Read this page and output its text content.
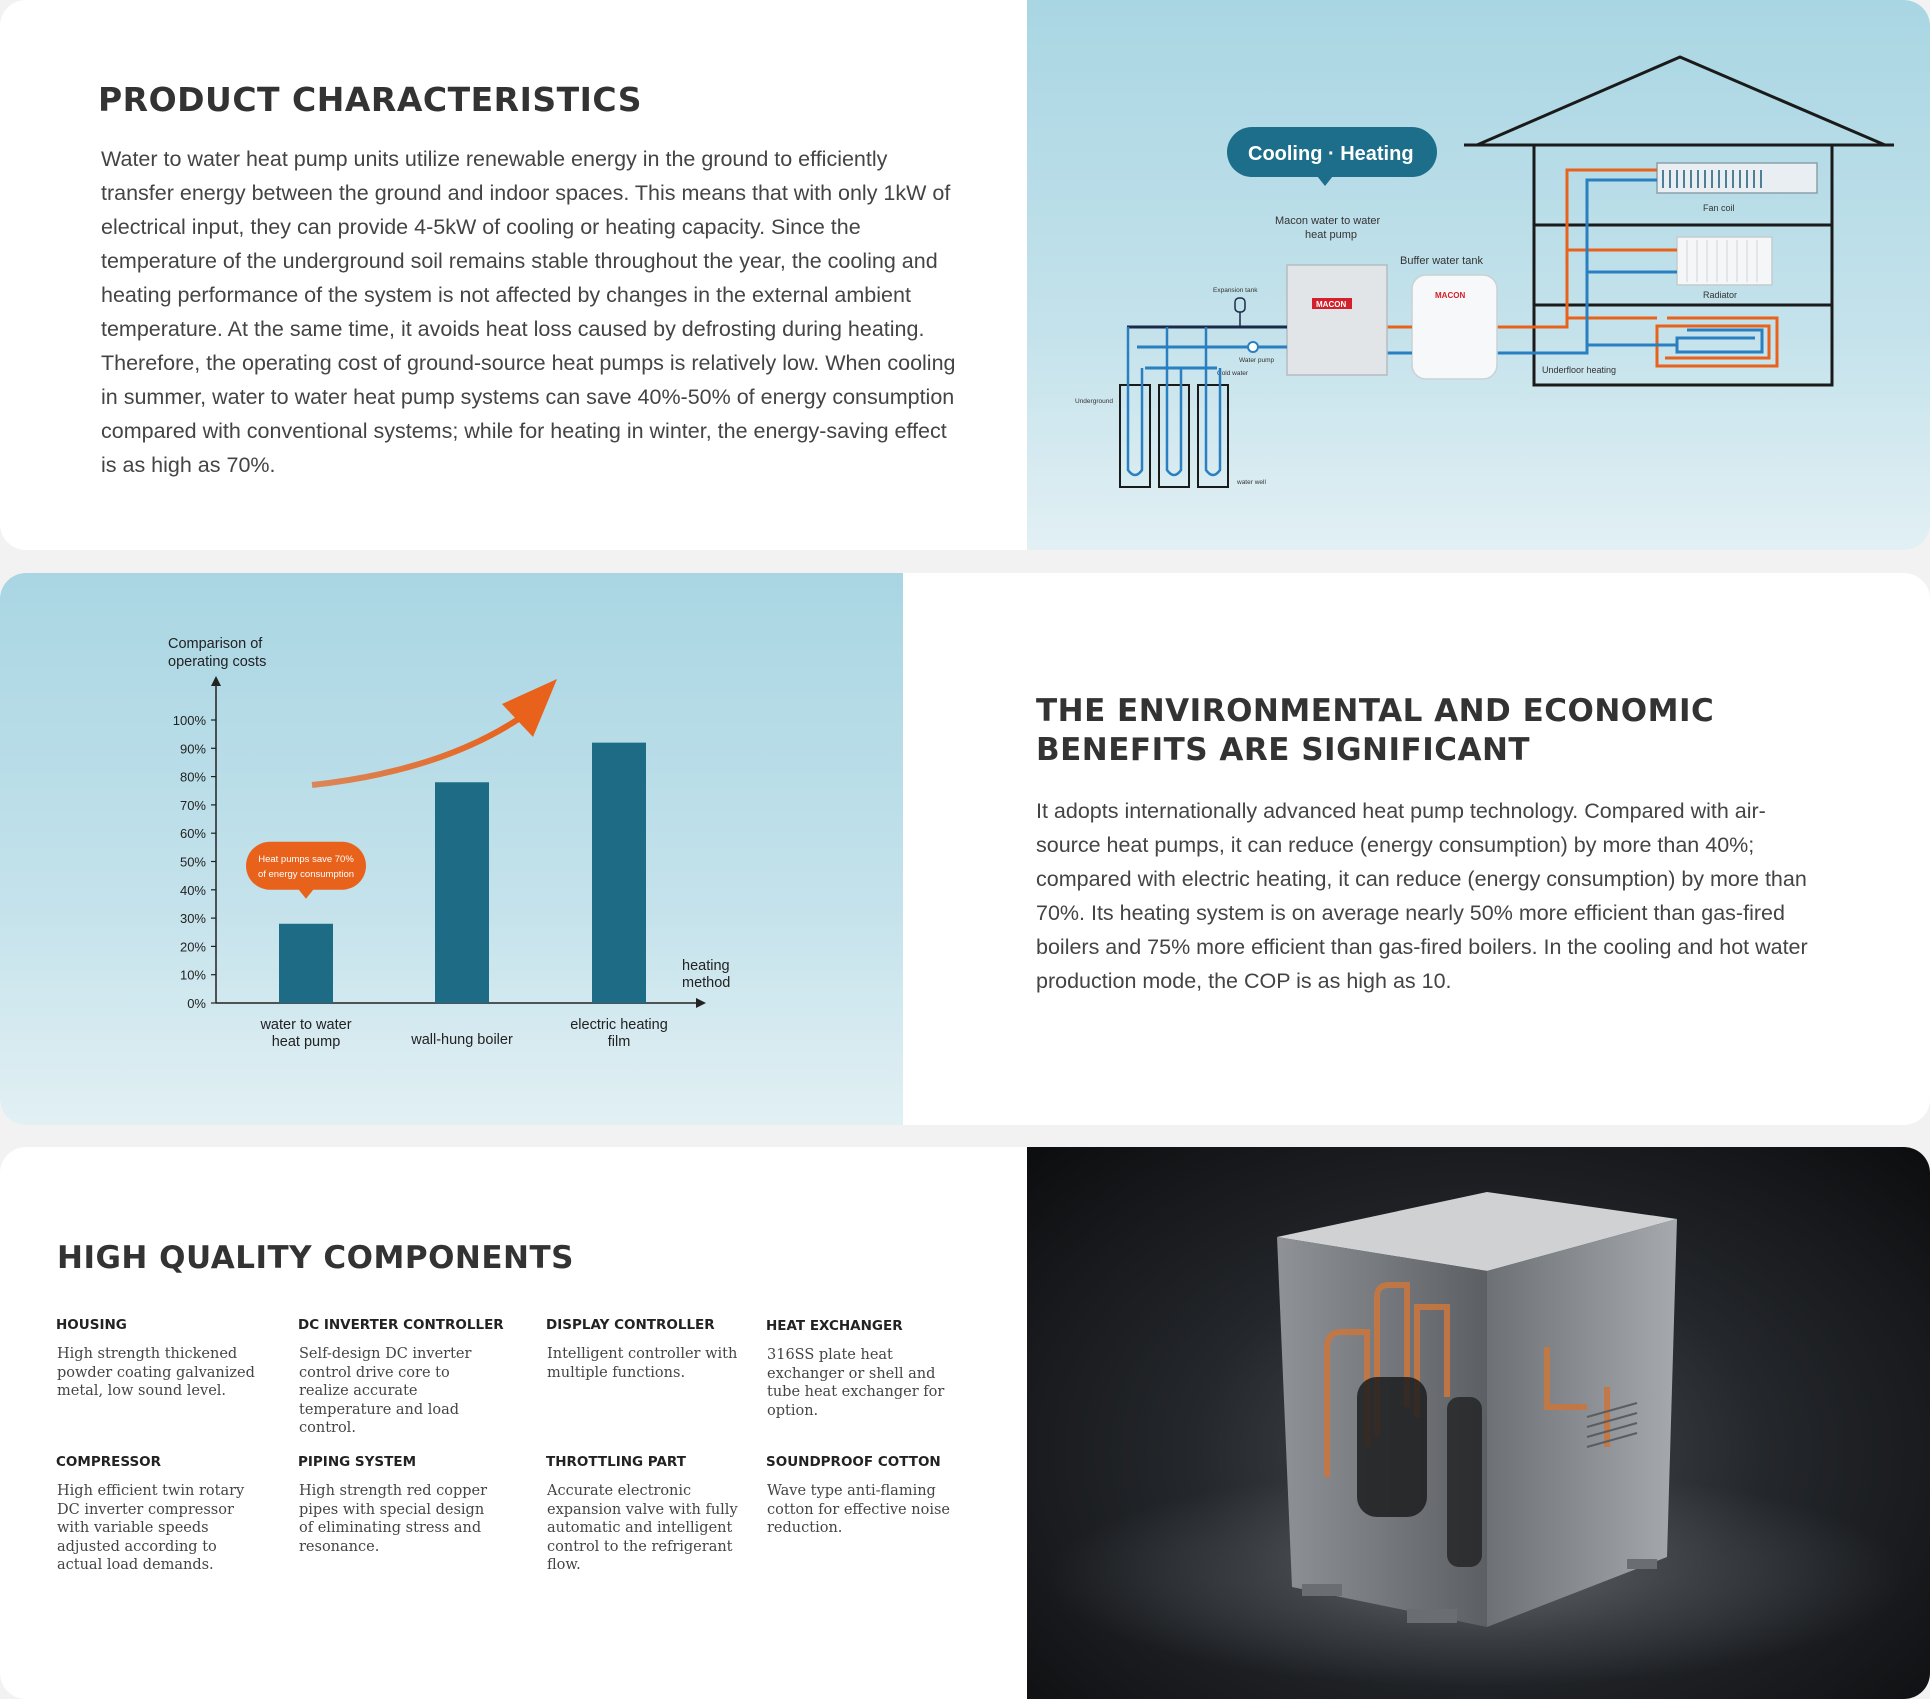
PRODUCT CHARACTERISTICS

Water to water heat pump units utilize renewable energy in the ground to efficiently transfer energy between the ground and indoor spaces. This means that with only 1kW of electrical input, they can provide 4-5kW of cooling or heating capacity. Since the temperature of the underground soil remains stable throughout the year, the cooling and heating performance of the system is not affected by changes in the external ambient temperature. At the same time, it avoids heat loss caused by defrosting during heating. Therefore, the operating cost of ground-source heat pumps is relatively low. When cooling in summer, water to water heat pump systems can save 40%-50% of energy consumption compared with conventional systems; while for heating in winter, the energy-saving effect is as high as 70%.

Fan coil
Radiator
Underfloor heating
MACON
Buffer water tank
MACON
Macon water to water
heat pump
Cooling · Heating
Expansion tank
Water pump
Cold water
Underground
water well
Comparison of
operating costs
heating
method
0%
10%
20%
30%
40%
50%
60%
70%
80%
90%
100%
water to water
heat pump	wall-hung boiler
electric heating
film
Heat pumps save 70%
of energy consumption
THE ENVIRONMENTAL AND ECONOMIC
BENEFITS ARE SIGNIFICANT

It adopts internationally advanced heat pump technology. Compared with air-source heat pumps, it can reduce (energy consumption) by more than 40%; compared with electric heating, it can reduce (energy consumption) by more than 70%. Its heating system is on average nearly 50% more efficient than gas-fired boilers and 75% more efficient than gas-fired boilers. In the cooling and hot water production mode, the COP is as high as 10.

HIGH QUALITY COMPONENTS
HOUSING
High strength thickened powder coating galvanized metal, low sound level.
DC INVERTER CONTROLLER
Self-design DC inverter control drive core to realize accurate temperature and load control.
DISPLAY CONTROLLER
Intelligent controller with multiple functions.
HEAT EXCHANGER
316SS plate heat exchanger or shell and tube heat exchanger for option.
COMPRESSOR
High efficient twin rotary DC inverter compressor with variable speeds adjusted according to actual load demands.
PIPING SYSTEM
High strength red copper pipes with special design of eliminating stress and resonance.
THROTTLING PART
Accurate electronic expansion valve with fully automatic and intelligent control to the refrigerant flow.
SOUNDPROOF COTTON
Wave type anti-flaming cotton for effective noise reduction.
